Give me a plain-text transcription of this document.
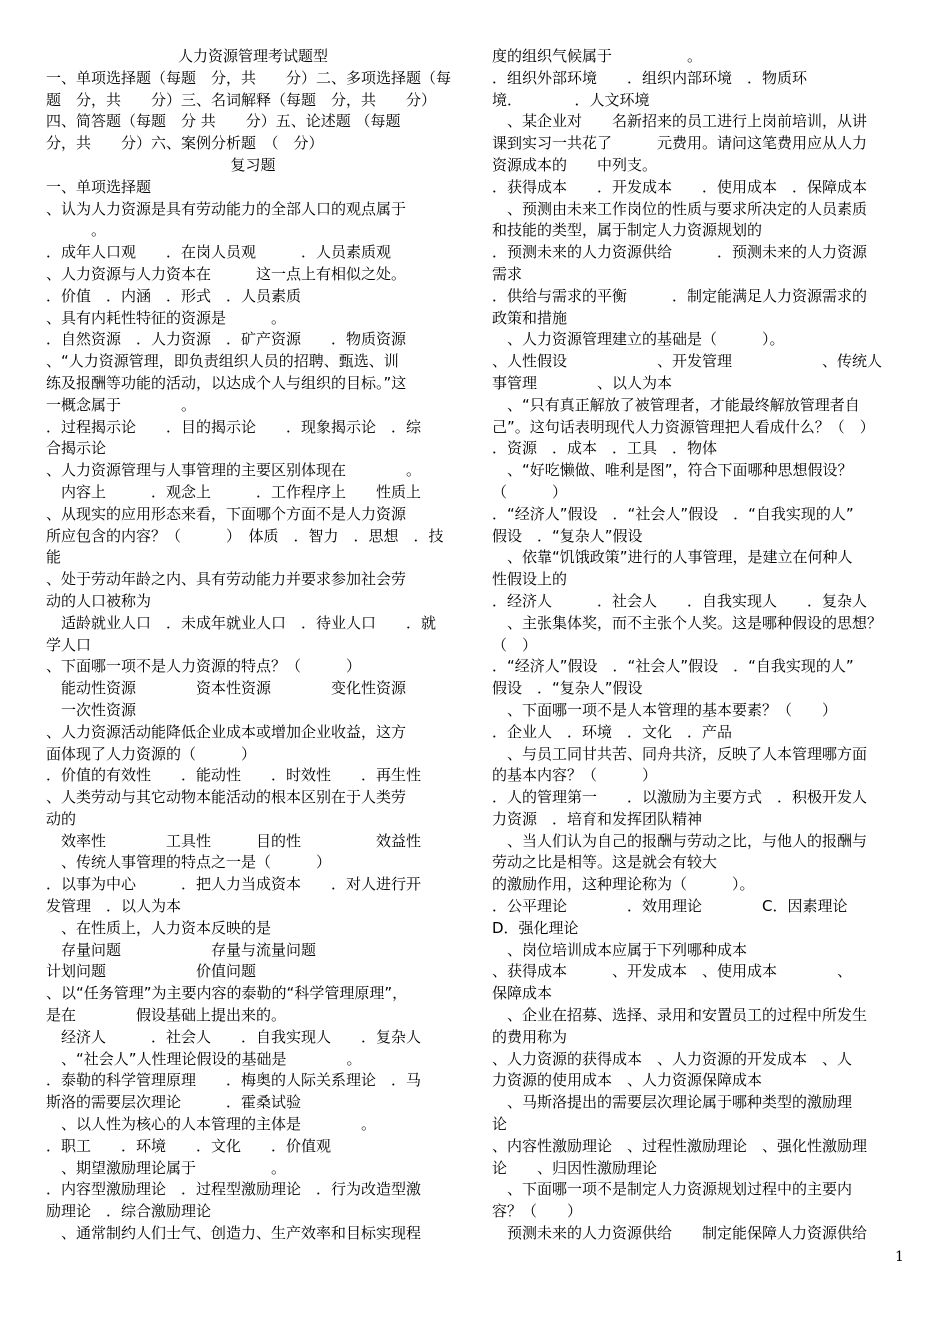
人力资源管理考试题型
一、单项选择题（每题　分，共　　分）二、多项选择题（每
题　分，共　　分）三、名词解释（每题　分，共　　分）
四、简答题（每题　分 共　　分）五、论述题 （每题
分，共　　分）六、案例分析题　（　分）
复习题
一、单项选择题
、认为人力资源是具有劳动能力的全部人口的观点属于
　　　。
．成年人口观　　．在岗人员观　　　．人员素质观
、人力资源与人力资本在　　　这一点上有相似之处。
．价值　．内涵　．形式　．人员素质
、具有内耗性特征的资源是　　　。
．自然资源　．人力资源　．矿产资源　　．物质资源
、“人力资源管理，即负责组织人员的招聘、甄选、训
练及报酬等功能的活动，以达成个人与组织的目标。”这
一概念属于　　　　。
．过程揭示论　　．目的揭示论　　．现象揭示论　．综
合揭示论
、人力资源管理与人事管理的主要区别体现在　　　　。
　内容上　　　．观念上　　　．工作程序上　　性质上
、从现实的应用形态来看，下面哪个方面不是人力资源
所应包含的内容？（　　　）　体质　．智力　．思想　．技
能
、处于劳动年龄之内、具有劳动能力并要求参加社会劳
动的人口被称为
　适龄就业人口　．未成年就业人口　．待业人口　　．就
学人口
、下面哪一项不是人力资源的特点？（　　　）
　能动性资源　　　　资本性资源　　　　变化性资源
　一次性资源
、人力资源活动能降低企业成本或增加企业收益，这方
面体现了人力资源的（　　　）
．价值的有效性　　．能动性　　．时效性　　．再生性
、人类劳动与其它动物本能活动的根本区别在于人类劳
动的
　效率性　　　　工具性　　　目的性　　　　　效益性
　、传统人事管理的特点之一是（　　　）
．以事为中心　　　．把人力当成资本　　．对人进行开
发管理　．以人为本
　、在性质上，人力资本反映的是
　存量问题　　　　　　存量与流量问题
计划问题　　　　　　价值问题
、以“任务管理”为主要内容的泰勒的“科学管理原理”，
是在　　　　假设基础上提出来的。
　经济人　　　．社会人　　．自我实现人　　．复杂人
　、“社会人”人性理论假设的基础是　　　　。
．泰勒的科学管理原理　　．梅奥的人际关系理论　．马
斯洛的需要层次理论　　　．霍桑试验
　、以人性为核心的人本管理的主体是　　　　。
．职工　　．环境　　．文化　　．价值观
　、期望激励理论属于　　　　　。
．内容型激励理论　．过程型激励理论　．行为改造型激
励理论　．综合激励理论
　、通常制约人们士气、创造力、生产效率和目标实现程
度的组织气候属于　　　　　。
．组织外部环境　　．组织内部环境　．物质环
境．　　　　．人文环境
　、某企业对　　名新招来的员工进行上岗前培训，从讲
课到实习一共花了　　　元费用。请问这笔费用应从人力
资源成本的　　中列支。
．获得成本　　．开发成本　　．使用成本　．保障成本
　、预测由未来工作岗位的性质与要求所决定的人员素质
和技能的类型，属于制定人力资源规划的
．预测未来的人力资源供给　　　．预测未来的人力资源
需求
．供给与需求的平衡　　　．制定能满足人力资源需求的
政策和措施
　、人力资源管理建立的基础是（　　　）。
、人性假设　　　　　　、开发管理　　　　　　、传统人
事管理　　　　、以人为本
　、“只有真正解放了被管理者，才能最终解放管理者自
己”。这句话表明现代人力资源管理把人看成什么？（　）
．资源　．成本　．工具　．物体
　、“好吃懒做、唯利是图”，符合下面哪种思想假设？
（　　　）
．“经济人”假设　．“社会人”假设　．“自我实现的人”
假设　．“复杂人”假设
　、依靠“饥饿政策”进行的人事管理，是建立在何种人
性假设上的
．经济人　　　．社会人　　．自我实现人　　．复杂人
　、主张集体奖，而不主张个人奖。这是哪种假设的思想？
（　）
．“经济人”假设　．“社会人”假设　．“自我实现的人”
假设　．“复杂人”假设
　、下面哪一项不是人本管理的基本要素？（　　）
．企业人　．环境　．文化　．产品
　、与员工同甘共苦、同舟共济，反映了人本管理哪方面
的基本内容？（　　　）
．人的管理第一　　．以激励为主要方式　．积极开发人
力资源　．培育和发挥团队精神
　、当人们认为自己的报酬与劳动之比，与他人的报酬与
劳动之比是相等。这是就会有较大
的激励作用，这种理论称为（　　　）。
．公平理论　　　　．效用理论　　　　C．因素理论
D．强化理论
　、岗位培训成本应属于下列哪种成本
、获得成本　　　、开发成本　、使用成本　　　　、
保障成本
　、企业在招募、选择、录用和安置员工的过程中所发生
的费用称为
、人力资源的获得成本　、人力资源的开发成本　、人
力资源的使用成本　、人力资源保障成本
　、马斯洛提出的需要层次理论属于哪种类型的激励理
论
、内容性激励理论　、过程性激励理论　、强化性激励理
论　　、归因性激励理论
　、下面哪一项不是制定人力资源规划过程中的主要内
容？（　　）
　预测未来的人力资源供给　　制定能保障人力资源供给
1
